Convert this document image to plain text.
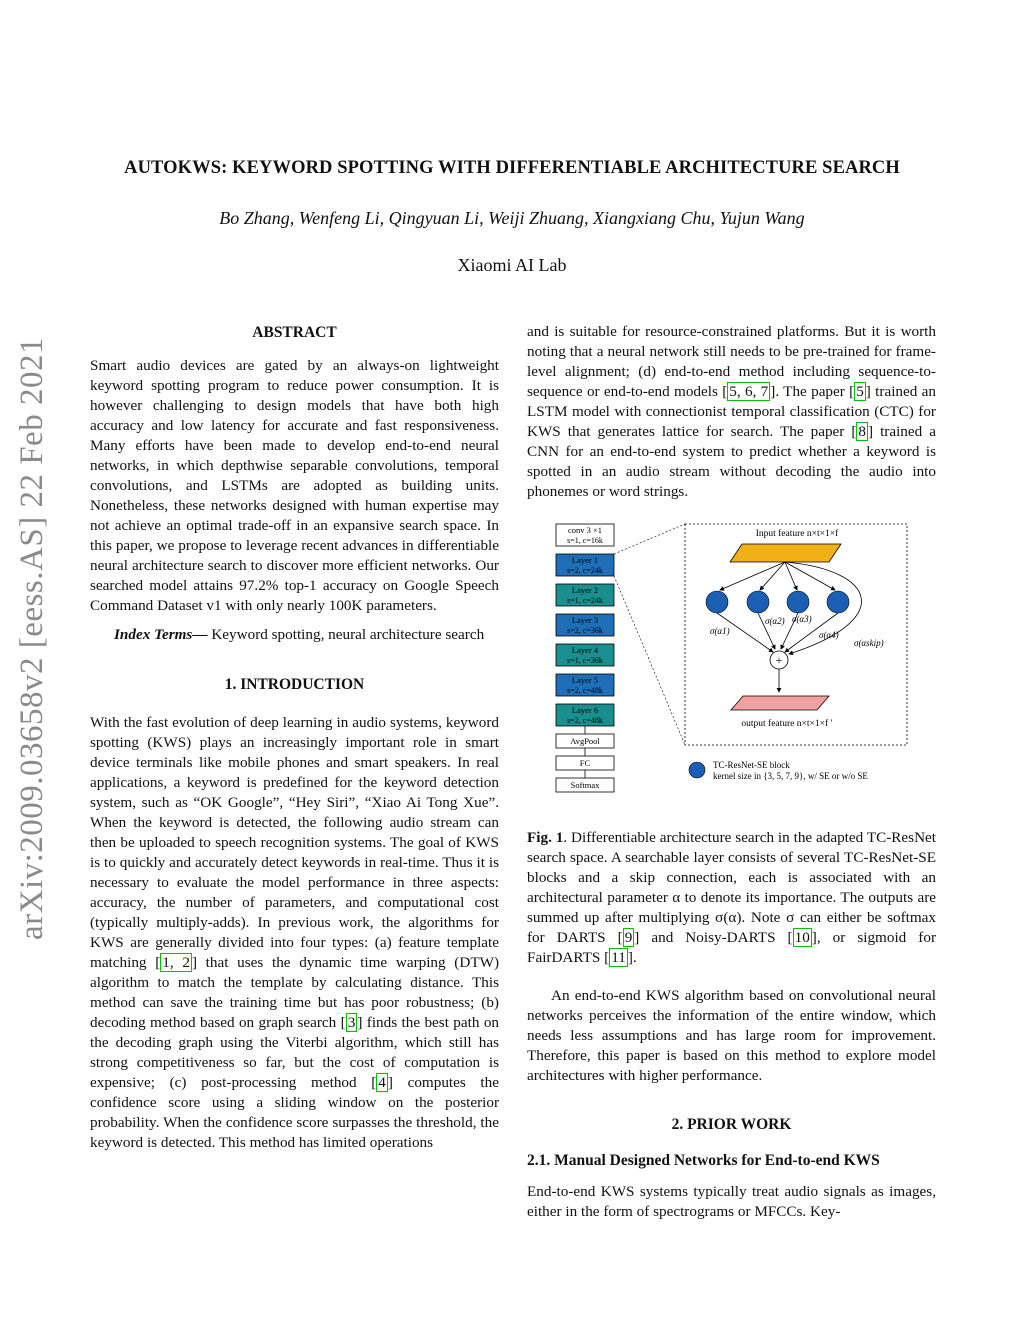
arXiv:2009.03658v2 [eess.AS] 22 Feb 2021
AUTOKWS: KEYWORD SPOTTING WITH DIFFERENTIABLE ARCHITECTURE SEARCH
Bo Zhang, Wenfeng Li, Qingyuan Li, Weiji Zhuang, Xiangxiang Chu, Yujun Wang
Xiaomi AI Lab

ABSTRACT

Smart audio devices are gated by an always-on lightweight keyword spotting program to reduce power consumption. It is however challenging to design models that have both high accuracy and low latency for accurate and fast responsiveness. Many efforts have been made to develop end-to-end neural networks, in which depthwise separable convolutions, temporal convolutions, and LSTMs are adopted as building units. Nonetheless, these networks designed with human expertise may not achieve an optimal trade-off in an expansive search space. In this paper, we propose to leverage recent advances in differentiable neural architecture search to discover more efficient networks. Our searched model attains 97.2% top-1 accuracy on Google Speech Command Dataset v1 with only nearly 100K parameters.

Index Terms— Keyword spotting, neural architecture search

1. INTRODUCTION

With the fast evolution of deep learning in audio systems, keyword spotting (KWS) plays an increasingly important role in smart device terminals like mobile phones and smart speakers. In real applications, a keyword is predefined for the keyword detection system, such as “OK Google”, “Hey Siri”, “Xiao Ai Tong Xue”. When the keyword is detected, the following audio stream can then be uploaded to speech recognition systems. The goal of KWS is to quickly and accurately detect keywords in real-time. Thus it is necessary to evaluate the model performance in three aspects: accuracy, the number of parameters, and computational cost (typically multiply-adds). In previous work, the algorithms for KWS are generally divided into four types: (a) feature template matching [ 1, 2 ] that uses the dynamic time warping (DTW) algorithm to match the template by calculating distance. This method can save the training time but has poor robustness; (b) decoding method based on graph search [ 3 ] finds the best path on the decoding graph using the Viterbi algorithm, which still has strong competitiveness so far, but the cost of computation is expensive; (c) post-processing method [ 4 ] computes the confidence score using a sliding window on the posterior probability. When the confidence score surpasses the threshold, the keyword is detected. This method has limited operations

and is suitable for resource-constrained platforms. But it is worth noting that a neural network still needs to be pre-trained for frame-level alignment; (d) end-to-end method including sequence-to-sequence or end-to-end models [ 5, 6, 7 ]. The paper [ 5 ] trained an LSTM model with connectionist temporal classification (CTC) for KWS that generates lattice for search. The paper [ 8 ] trained a CNN for an end-to-end system to predict whether a keyword is spotted in an audio stream without decoding the audio into phonemes or word strings.

conv 3 ×1
s=1, c=16k
Layer 1
s=2, c=24k
Layer 2
s=1, c=24k
Layer 3
s=2, c=36k
Layer 4
s=1, c=36k
Layer 5
s=2, c=48k
Layer 6
s=2, c=48k
AvgPool
FC
Softmax
Input feature n×t×1×f
σ(α1)
σ(α2) σ(α3)
σ(α4)
σ(αskip)
+
output feature n×t×1×f ′
TC-ResNet-SE block
kernel size in {3, 5, 7, 9}, w/ SE or w/o SE

Fig. 1. Differentiable architecture search in the adapted TC-ResNet search space. A searchable layer consists of several TC-ResNet-SE blocks and a skip connection, each is associated with an architectural parameter α to denote its importance. The outputs are summed up after multiplying σ(α). Note σ can either be softmax for DARTS [ 9 ] and Noisy-DARTS [ 10 ], or sigmoid for FairDARTS [ 11 ].

An end-to-end KWS algorithm based on convolutional neural networks perceives the information of the entire window, which needs less assumptions and has large room for improvement. Therefore, this paper is based on this method to explore model architectures with higher performance.

2. PRIOR WORK

2.1. Manual Designed Networks for End-to-end KWS

End-to-end KWS systems typically treat audio signals as images, either in the form of spectrograms or MFCCs. Key-
